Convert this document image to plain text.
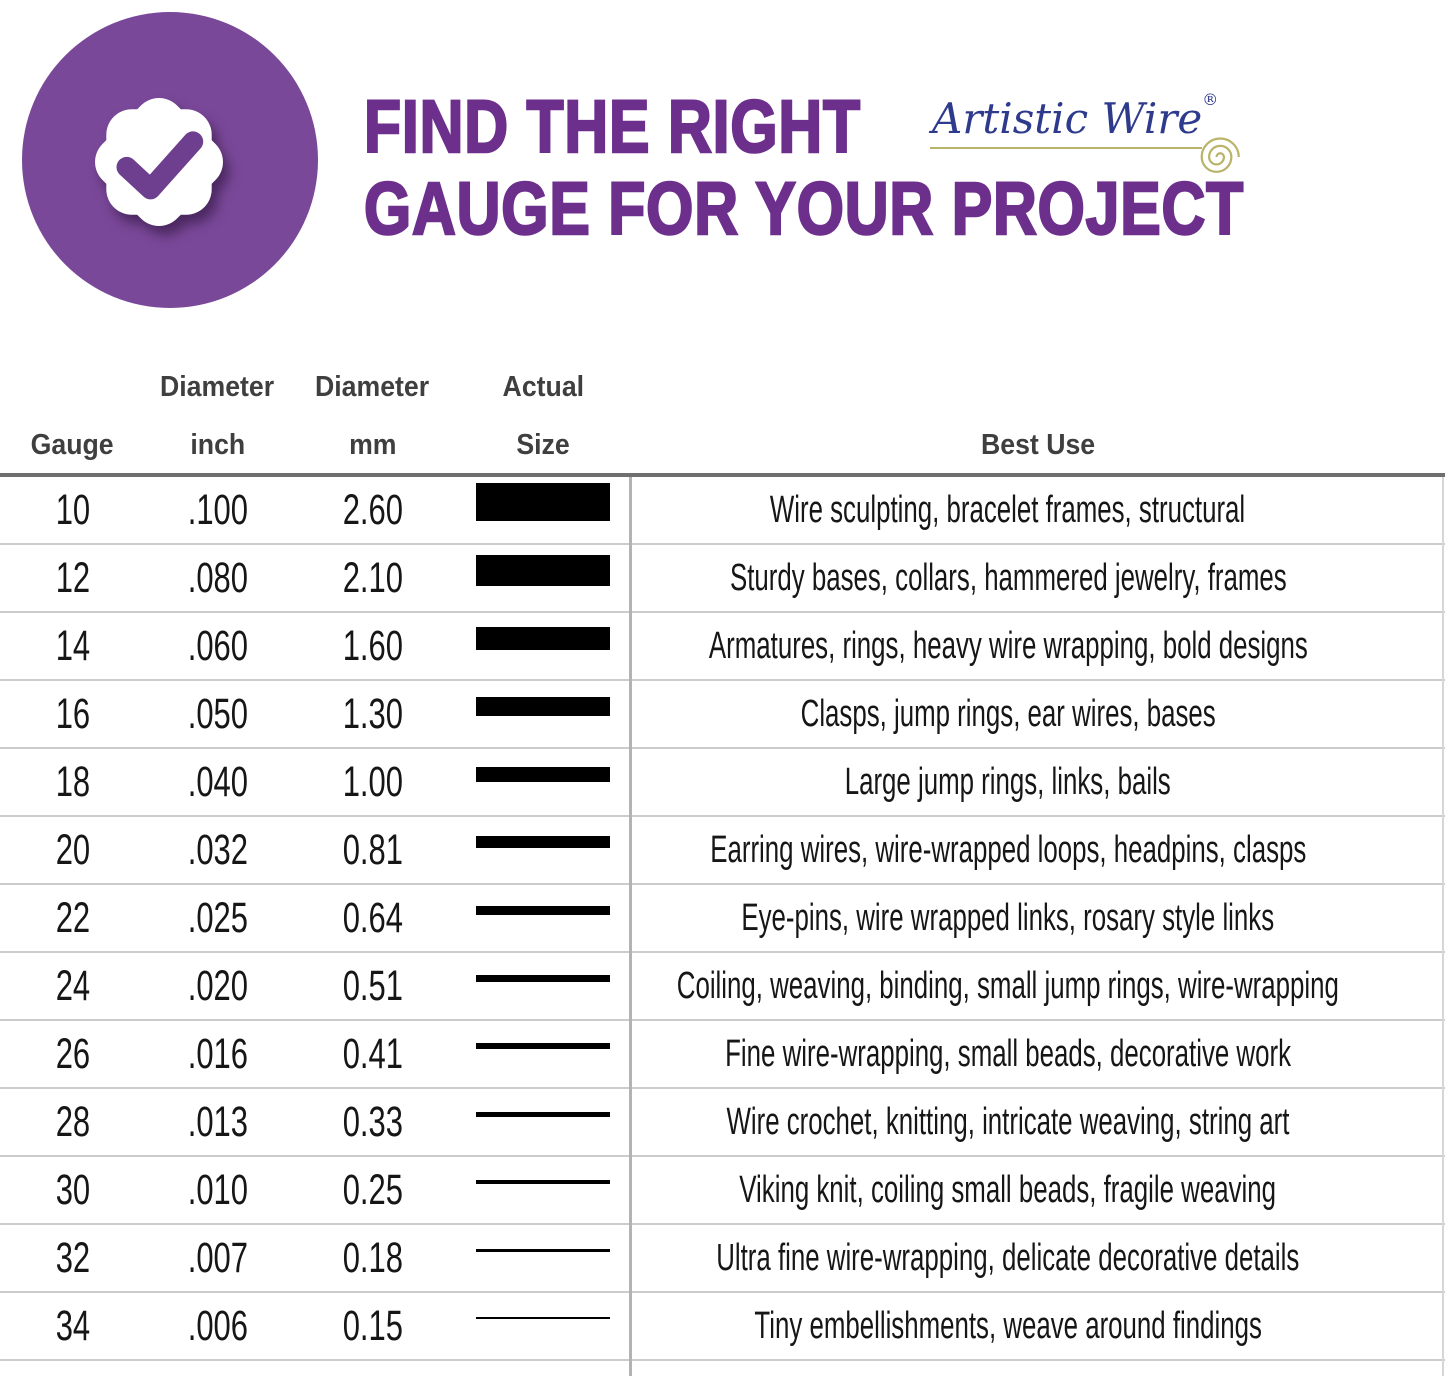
FIND THE RIGHT
GAUGE FOR YOUR PROJECT
Artistic Wire®
Diameter Diameter	Actual
Gauge	inch	mm	Size	Best Use
10 .100 2.60	Wire sculpting, bracelet frames, structural
12 .080 2.10	Sturdy bases, collars, hammered jewelry, frames
14 .060 1.60	Armatures, rings, heavy wire wrapping, bold designs
16 .050 1.30	Clasps, jump rings, ear wires, bases
18 .040 1.00	Large jump rings, links, bails
20 .032 0.81	Earring wires, wire-wrapped loops, headpins, clasps
22 .025 0.64	Eye-pins, wire wrapped links, rosary style links
24 .020 0.51	Coiling, weaving, binding, small jump rings, wire-wrapping
26 .016 0.41	Fine wire-wrapping, small beads, decorative work
28 .013 0.33	Wire crochet, knitting, intricate weaving, string art
30 .010 0.25	Viking knit, coiling small beads, fragile weaving
32 .007 0.18	Ultra fine wire-wrapping, delicate decorative details
34 .006 0.15	Tiny embellishments, weave around findings
